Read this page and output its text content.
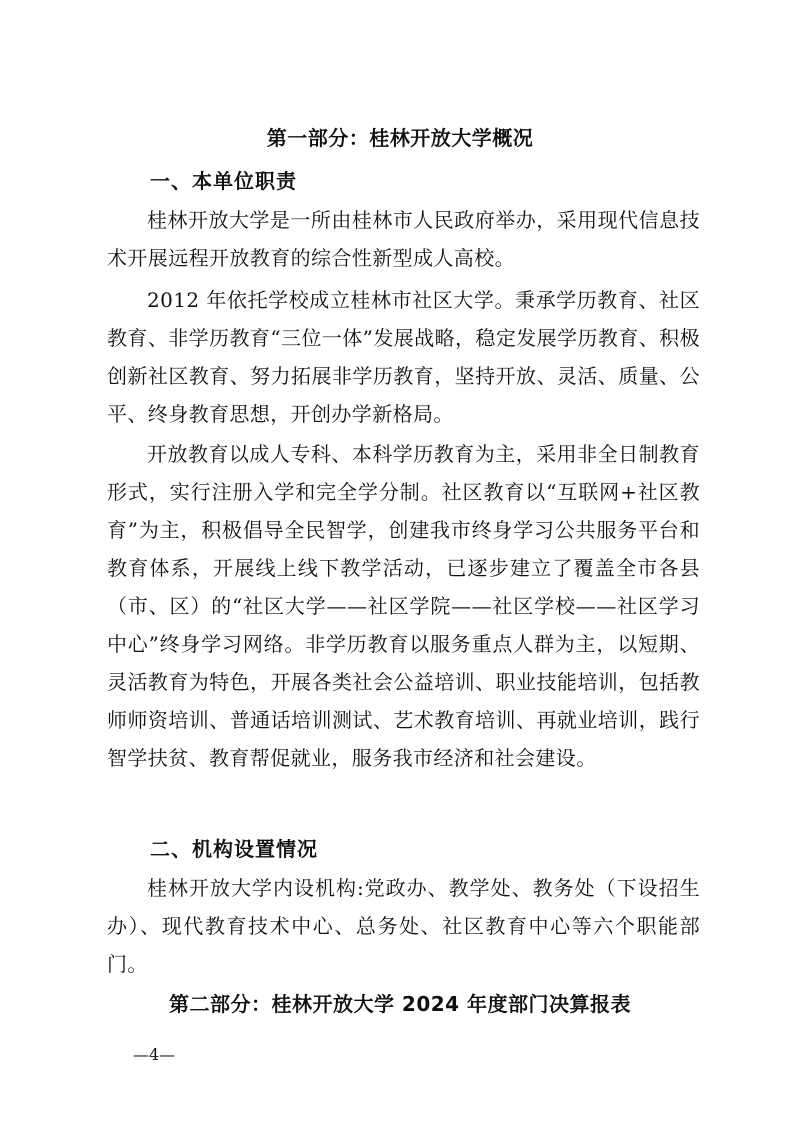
第一部分：桂林开放大学概况
一、本单位职责

桂林开放大学是一所由桂林市人民政府举办，采用现代信息技术开展远程开放教育的综合性新型成人高校。

2012 年依托学校成立桂林市社区大学。秉承学历教育、社区教育、非学历教育“三位一体”发展战略，稳定发展学历教育、积极创新社区教育、努力拓展非学历教育，坚持开放、灵活、质量、公平、终身教育思想，开创办学新格局。

开放教育以成人专科、本科学历教育为主，采用非全日制教育形式，实行注册入学和完全学分制。社区教育以“互联网+社区教育”为主，积极倡导全民智学，创建我市终身学习公共服务平台和教育体系，开展线上线下教学活动，已逐步建立了覆盖全市各县（市、区）的“社区大学——社区学院——社区学校——社区学习中心”终身学习网络。非学历教育以服务重点人群为主，以短期、灵活教育为特色，开展各类社会公益培训、职业技能培训，包括教师师资培训、普通话培训测试、艺术教育培训、再就业培训，践行智学扶贫、教育帮促就业，服务我市经济和社会建设。

二、机构设置情况

桂林开放大学内设机构:党政办、教学处、教务处（下设招生办）、现代教育技术中心、总务处、社区教育中心等六个职能部门。

第二部分：桂林开放大学 2024 年度部门决算报表
—4—
